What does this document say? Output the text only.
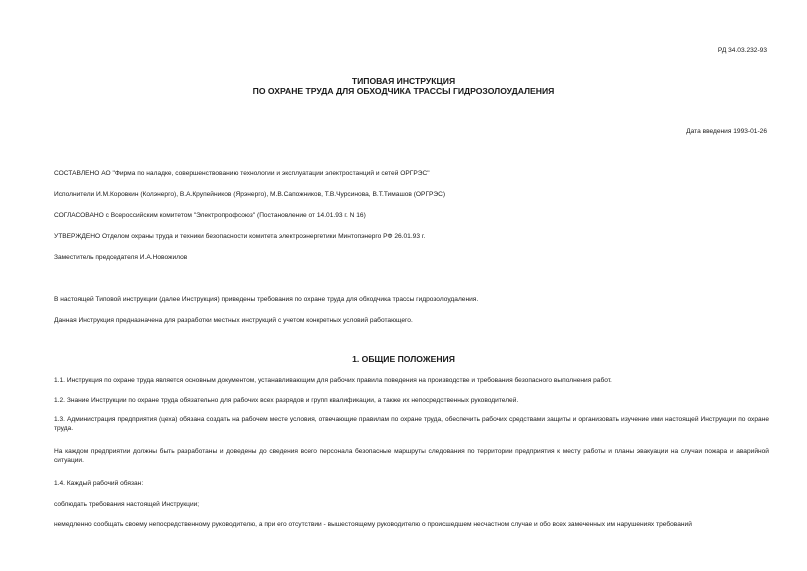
РД 34.03.232-93
ТИПОВАЯ ИНСТРУКЦИЯ
ПО ОХРАНЕ ТРУДА ДЛЯ ОБХОДЧИКА ТРАССЫ ГИДРОЗОЛОУДАЛЕНИЯ
Дата введения 1993-01-26
СОСТАВЛЕНО АО "Фирма по наладке, совершенствованию технологии и эксплуатации электростанций и сетей ОРГРЭС"
Исполнители И.М.Коровкин (Колэнерго), В.А.Крупейников (Ярэнерго), М.В.Сапожников, Т.В.Чурсинова, В.Т.Тимашов (ОРГРЭС)
СОГЛАСОВАНО с Всероссийским комитетом "Электропрофсоюз" (Постановление от 14.01.93 г. N 16)
УТВЕРЖДЕНО Отделом охраны труда и техники безопасности комитета электроэнергетики Минтопэнерго РФ 26.01.93 г.
Заместитель председателя И.А.Новожилов
В настоящей Типовой инструкции (далее Инструкция) приведены требования по охране труда для обходчика трассы гидрозолоудаления.
Данная Инструкция предназначена для разработки местных инструкций с учетом конкретных условий работающего.
1. ОБЩИЕ ПОЛОЖЕНИЯ
1.1. Инструкция по охране труда является основным документом, устанавливающим для рабочих правила поведения на производстве и требования безопасного выполнения работ.
1.2. Знание Инструкции по охране труда обязательно для рабочих всех разрядов и групп квалификации, а также их непосредственных руководителей.
1.3. Администрация предприятия (цеха) обязана создать на рабочем месте условия, отвечающие правилам по охране труда, обеспечить рабочих средствами защиты и организовать изучение ими настоящей Инструкции по охране труда.
На каждом предприятии должны быть разработаны и доведены до сведения всего персонала безопасные маршруты следования по территории предприятия к месту работы и планы эвакуации на случаи пожара и аварийной ситуации.
1.4. Каждый рабочий обязан:
соблюдать требования настоящей Инструкции;
немедленно сообщать своему непосредственному руководителю, а при его отсутствии - вышестоящему руководителю о происшедшем несчастном случае и обо всех замеченных им нарушениях требований
